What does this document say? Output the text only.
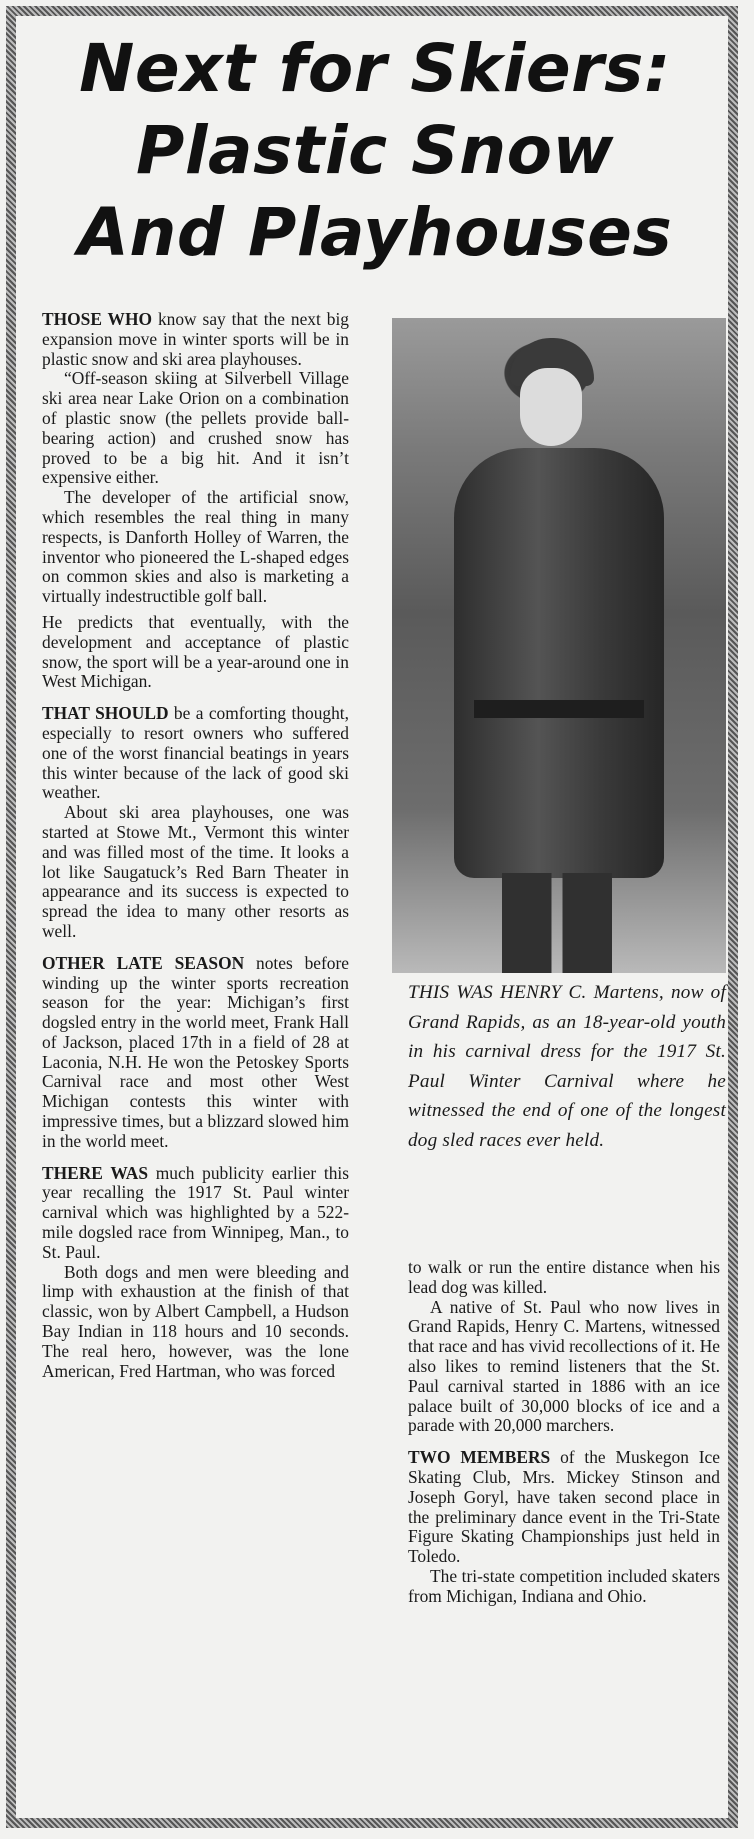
Next for Skiers:
Plastic Snow
And Playhouses

THOSE WHO know say that the next big expansion move in winter sports will be in plastic snow and ski area playhouses.

“Off-season skiing at Silverbell Village ski area near Lake Orion on a combination of plastic snow (the pellets provide ball-bearing action) and crushed snow has proved to be a big hit. And it isn’t expensive either.

The developer of the artificial snow, which resembles the real thing in many respects, is Danforth Holley of Warren, the inventor who pioneered the L-shaped edges on common skies and also is marketing a virtually indestructible golf ball.

He predicts that eventually, with the development and acceptance of plastic snow, the sport will be a year-around one in West Michigan.

THAT SHOULD be a comforting thought, especially to resort owners who suffered one of the worst financial beatings in years this winter because of the lack of good ski weather.

About ski area playhouses, one was started at Stowe Mt., Vermont this winter and was filled most of the time. It looks a lot like Saugatuck’s Red Barn Theater in appearance and its success is expected to spread the idea to many other resorts as well.

OTHER LATE SEASON notes before winding up the winter sports recreation season for the year: Michigan’s first dogsled entry in the world meet, Frank Hall of Jackson, placed 17th in a field of 28 at Laconia, N.H. He won the Petoskey Sports Carnival race and most other West Michigan contests this winter with impressive times, but a blizzard slowed him in the world meet.

THERE WAS much publicity earlier this year recalling the 1917 St. Paul winter carnival which was highlighted by a 522-mile dogsled race from Winnipeg, Man., to St. Paul.

Both dogs and men were bleeding and limp with exhaustion at the finish of that classic, won by Albert Campbell, a Hudson Bay Indian in 118 hours and 10 seconds. The real hero, however, was the lone American, Fred Hartman, who was forced

THIS WAS HENRY C. Martens, now of Grand Rapids, as an 18-year-old youth in his carnival dress for the 1917 St. Paul Winter Carnival where he witnessed the end of one of the longest dog sled races ever held.

to walk or run the entire distance when his lead dog was killed.

A native of St. Paul who now lives in Grand Rapids, Henry C. Martens, witnessed that race and has vivid recollections of it. He also likes to remind listeners that the St. Paul carnival started in 1886 with an ice palace built of 30,000 blocks of ice and a parade with 20,000 marchers.

TWO MEMBERS of the Muskegon Ice Skating Club, Mrs. Mickey Stinson and Joseph Goryl, have taken second place in the preliminary dance event in the Tri-State Figure Skating Championships just held in Toledo.

The tri-state competition included skaters from Michigan, Indiana and Ohio.
